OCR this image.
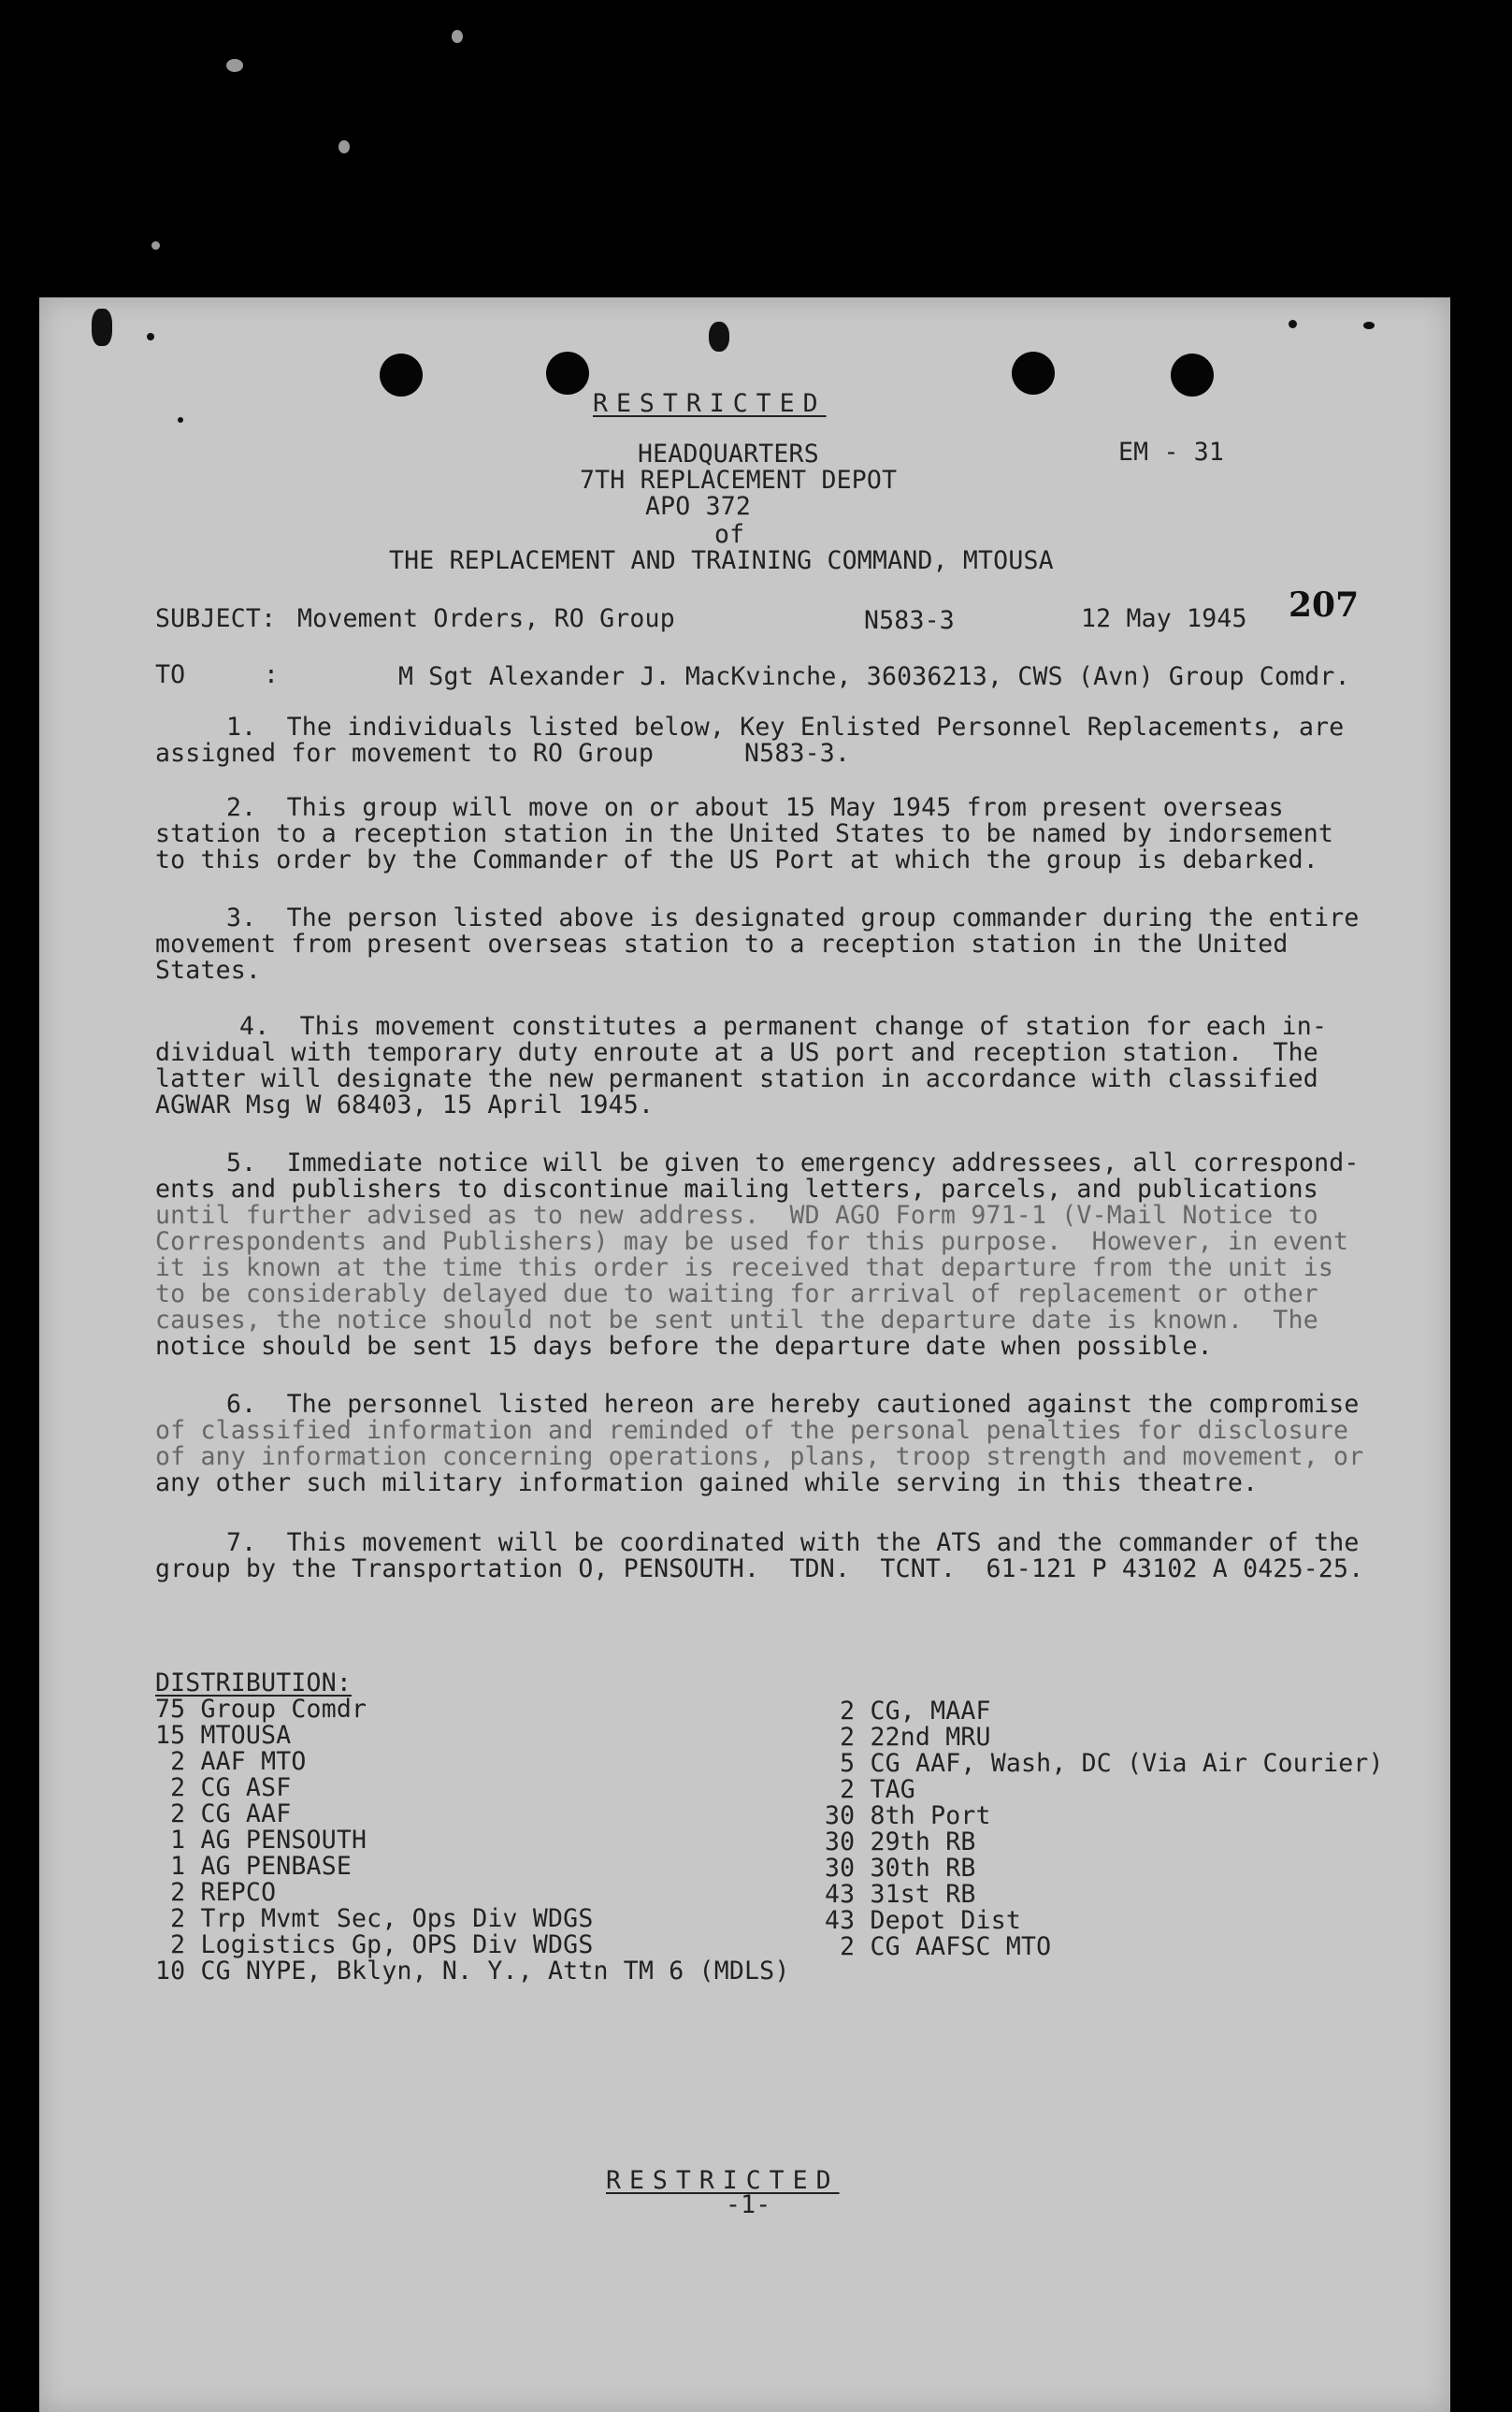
RESTRICTED
HEADQUARTERS
7TH REPLACEMENT DEPOT
APO 372
of
THE REPLACEMENT AND TRAINING COMMAND, MTOUSA
EM - 31
207
SUBJECT: Movement Orders, RO Group	N583-3	12 May 1945
TO	:	M Sgt Alexander J. MacKvinche, 36036213, CWS (Avn) Group Comdr.
1.  The individuals listed below, Key Enlisted Personnel Replacements, are
assigned for movement to RO Group      N583-3.
2.  This group will move on or about 15 May 1945 from present overseas
station to a reception station in the United States to be named by indorsement
to this order by the Commander of the US Port at which the group is debarked.
3.  The person listed above is designated group commander during the entire
movement from present overseas station to a reception station in the United
States.
4.  This movement constitutes a permanent change of station for each in-
dividual with temporary duty enroute at a US port and reception station.  The
latter will designate the new permanent station in accordance with classified
AGWAR Msg W 68403, 15 April 1945.
5.  Immediate notice will be given to emergency addressees, all correspond-
ents and publishers to discontinue mailing letters, parcels, and publications
until further advised as to new address.  WD AGO Form 971-1 (V-Mail Notice to
Correspondents and Publishers) may be used for this purpose.  However, in event
it is known at the time this order is received that departure from the unit is
to be considerably delayed due to waiting for arrival of replacement or other
causes, the notice should not be sent until the departure date is known.  The
notice should be sent 15 days before the departure date when possible.
6.  The personnel listed hereon are hereby cautioned against the compromise
of classified information and reminded of the personal penalties for disclosure
of any information concerning operations, plans, troop strength and movement, or
any other such military information gained while serving in this theatre.
7.  This movement will be coordinated with the ATS and the commander of the
group by the Transportation O, PENSOUTH.  TDN.  TCNT.  61-121 P 43102 A 0425-25.
DISTRIBUTION:
75 Group Comdr
15 MTOUSA
2 AAF MTO
2 CG ASF
2 CG AAF
1 AG PENSOUTH
1 AG PENBASE
2 REPCO
2 Trp Mvmt Sec, Ops Div WDGS
2 Logistics Gp, OPS Div WDGS
10 CG NYPE, Bklyn, N. Y., Attn TM 6 (MDLS)
2 CG, MAAF
2 22nd MRU
5 CG AAF, Wash, DC (Via Air Courier)
2 TAG
30 8th Port
30 29th RB
30 30th RB
43 31st RB
43 Depot Dist
2 CG AAFSC MTO
RESTRICTED
-1-
